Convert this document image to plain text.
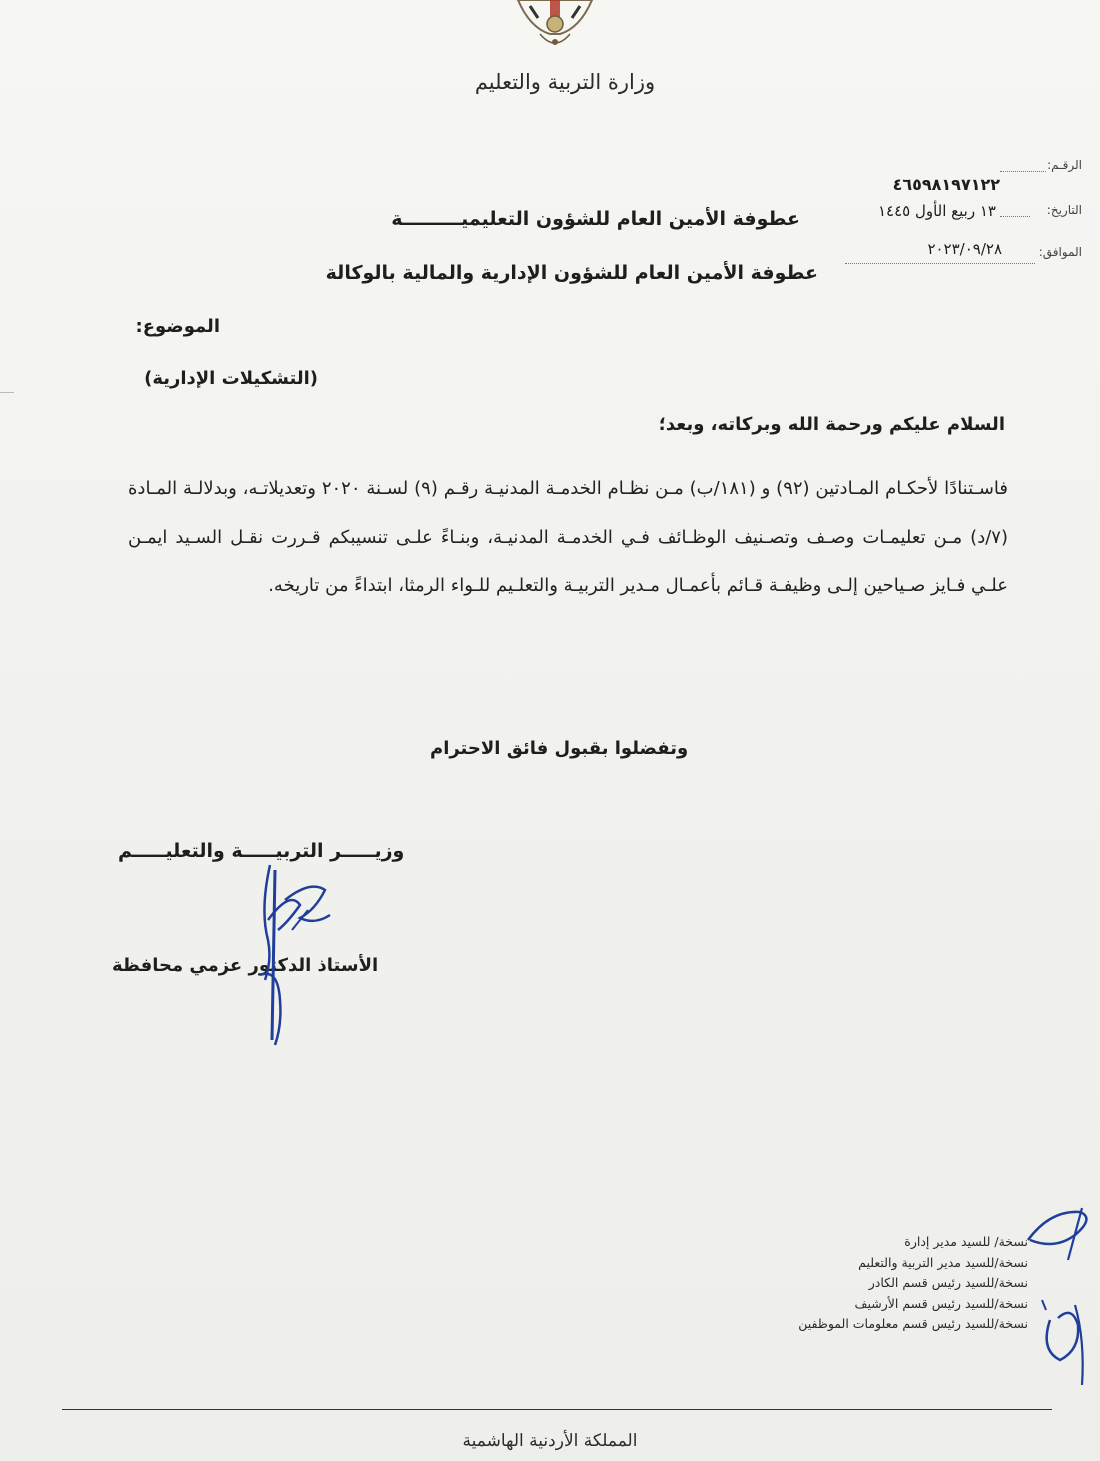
وزارة التربية والتعليم
الرقـم:
٤٦٥٩٨١٩٧١٢٢
التاريخ:
١٣ ربيع الأول ١٤٤٥
الموافق:
٢٠٢٣/٠٩/٢٨
عطوفة الأمين العام للشؤون التعليميـــــــــة
عطوفة الأمين العام للشؤون الإدارية والمالية بالوكالة
الموضوع:
(التشكيلات الإدارية)
السلام عليكم ورحمة الله وبركاته، وبعد؛
فاسـتنادًا لأحكـام المـادتين (٩٢) و (١٨١/ب) مـن نظـام الخدمـة المدنيـة رقـم (٩) لسـنة ٢٠٢٠ وتعديلاتـه، وبدلالـة المـادة (٧/د) مـن تعليمـات وصـف وتصـنيف الوظـائف فـي الخدمـة المدنيـة، وبنـاءً علـى تنسيبكم قـررت نقـل السـيد ايمـن علـي فـايز صـياحين إلـى وظيفـة قـائم بأعمـال مـدير التربيـة والتعلـيم للـواء الرمثا، ابتداءً من تاريخه.
وتفضلوا بقبول فائق الاحترام
وزيـــــر التربيـــــة والتعليـــــم
الأستاذ الدكتور عزمي محافظة
نسخة/ للسيد مدير إدارة
نسخة/للسيد مدير التربية والتعليم
نسخة/للسيد رئيس قسم الكادر
نسخة/للسيد رئيس قسم الأرشيف
نسخة/للسيد رئيس قسم معلومات الموظفين
المملكة الأردنية الهاشمية
